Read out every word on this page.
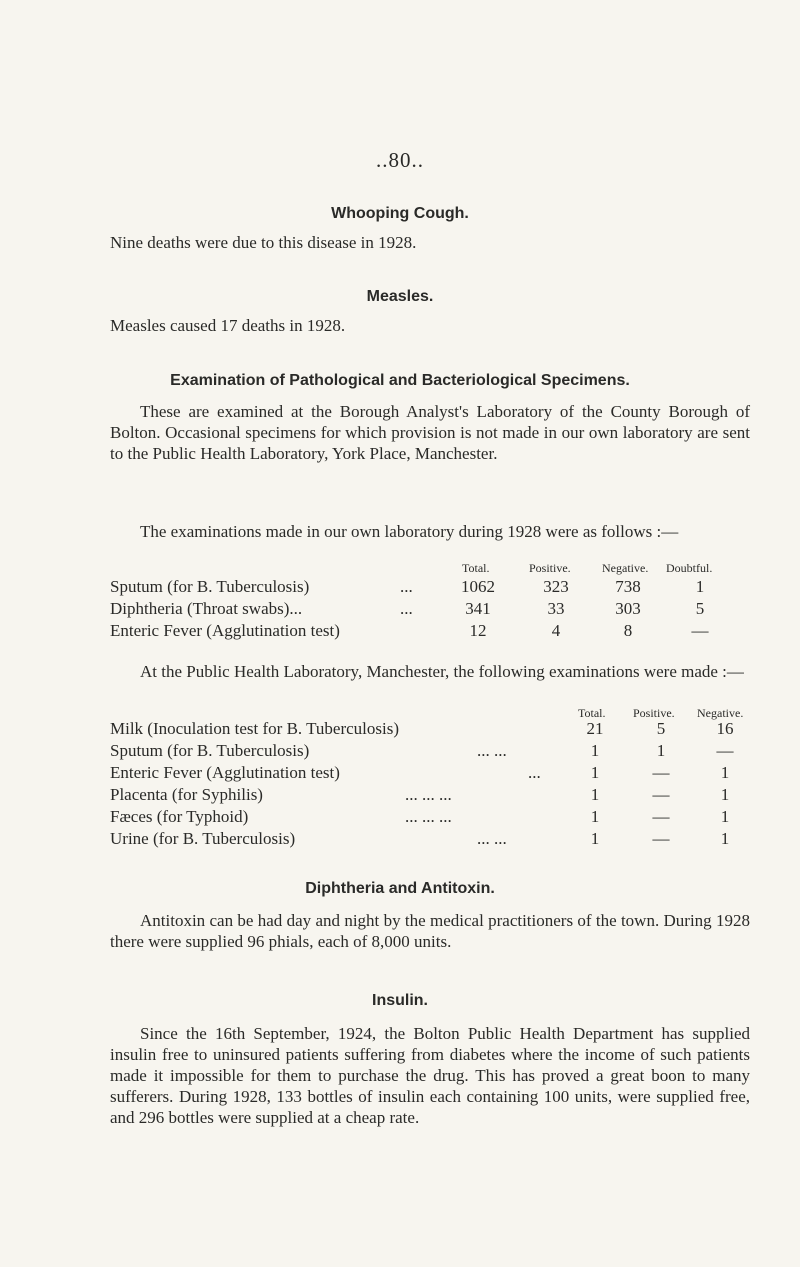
..80..
Whooping Cough.
Nine deaths were due to this disease in 1928.
Measles.
Measles caused 17 deaths in 1928.
Examination of Pathological and Bacteriological Specimens.
These are examined at the Borough Analyst's Laboratory of the County Borough of Bolton. Occasional specimens for which provision is not made in our own laboratory are sent to the Public Health Laboratory, York Place, Manchester.
The examinations made in our own laboratory during 1928 were as follows :—
Total.	Positive.	Negative. Doubtful.
Sputum (for B. Tuberculosis)	...	1062	323	738	1
Diphtheria (Throat swabs)...	...	341	33	303	5
Enteric Fever (Agglutination test)	12	4	8	—
At the Public Health Laboratory, Manchester, the following examinations were made :—
Total. Positive. Negative.
Milk (Inoculation test for B. Tuberculosis)	21	5	16
Sputum (for B. Tuberculosis)	... ...	1	1	—
Enteric Fever (Agglutination test)	...	1	—	1
Placenta (for Syphilis)	... ... ...	1	—	1
Fæces (for Typhoid)	... ... ...	1	—	1
Urine (for B. Tuberculosis)	... ...	1	—	1
Diphtheria and Antitoxin.
Antitoxin can be had day and night by the medical practitioners of the town. During 1928 there were supplied 96 phials, each of 8,000 units.
Insulin.
Since the 16th September, 1924, the Bolton Public Health Department has supplied insulin free to uninsured patients suffering from diabetes where the income of such patients made it impossible for them to purchase the drug. This has proved a great boon to many sufferers. During 1928, 133 bottles of insulin each containing 100 units, were supplied free, and 296 bottles were supplied at a cheap rate.
